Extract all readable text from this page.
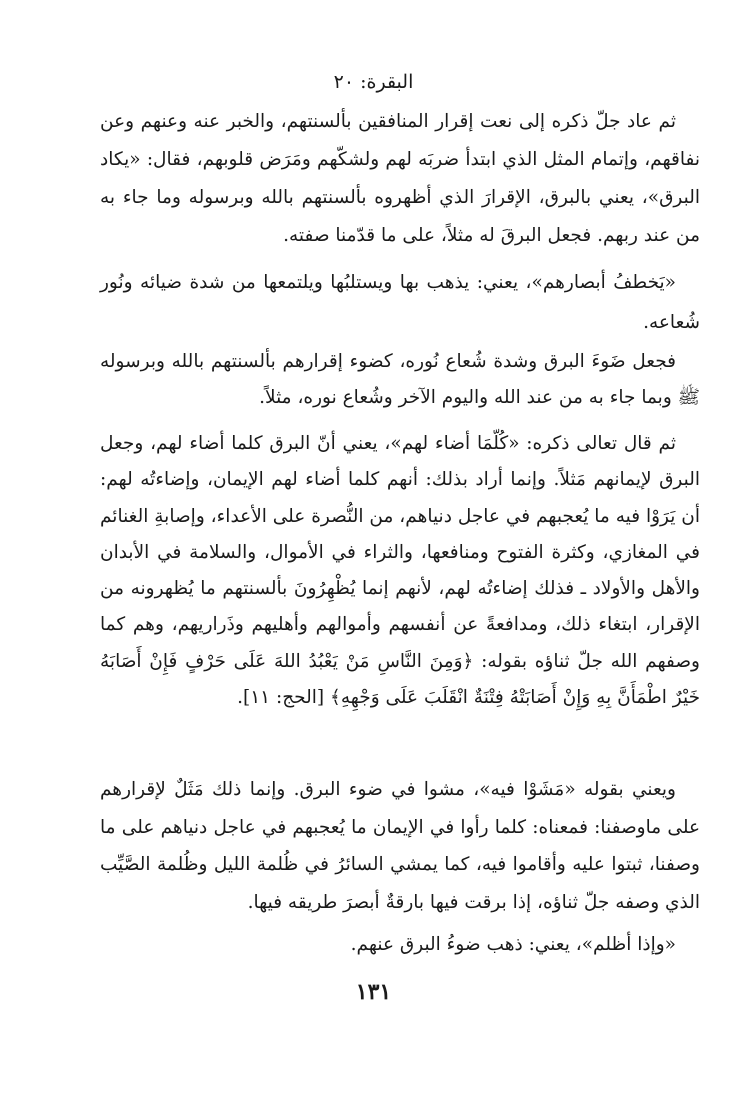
البقرة: ٢٠

ثم عاد جلّ ذكره إلى نعت إقرار المنافقين بألسنتهم، والخبر عنه وعنهم وعن نفاقهم، وإتمام المثل الذي ابتدأ ضربَه لهم ولشكّهم ومَرَض قلوبهم، فقال: «يكاد البرق»، يعني بالبرق، الإقرارَ الذي أظهروه بألسنتهم بالله وبرسوله وما جاء به من عند ربهم. فجعل البرقَ له مثلاً، على ما قدّمنا صفته.

«يَخطفُ أبصارهم»، يعني: يذهب بها ويستلبُها ويلتمعها من شدة ضيائه ونُور شُعاعه.

فجعل ضَوءَ البرق وشدة شُعاع نُوره، كضوء إقرارهم بألسنتهم بالله وبرسوله ﷺ وبما جاء به من عند الله واليوم الآخر وشُعاع نوره، مثلاً.

ثم قال تعالى ذكره: «كُلّمَا أضاء لهم»، يعني أنّ البرق كلما أضاء لهم، وجعل البرق لإيمانهم مَثلاً. وإنما أراد بذلك: أنهم كلما أضاء لهم الإيمان، وإضاءتُه لهم: أن يَرَوْا فيه ما يُعجبهم في عاجل دنياهم، من النُّصرة على الأعداء، وإصابةِ الغنائم في المغازي، وكثرة الفتوح ومنافعها، والثراء في الأموال، والسلامة في الأبدان والأهل والأولاد ـ فذلك إضاءتُه لهم، لأنهم إنما يُظْهِرُونَ بألسنتهم ما يُظهرونه من الإقرار، ابتغاء ذلك، ومدافعةً عن أنفسهم وأموالهم وأهليهم وذَراريهم، وهم كما وصفهم الله جلّ ثناؤه بقوله: ﴿وَمِنَ النَّاسِ مَنْ يَعْبُدُ اللهَ عَلَى حَرْفٍ فَإِنْ أَصَابَهُ خَيْرٌ اطْمَأَنَّ بِهِ وَإِنْ أَصَابَتْهُ فِتْنَةٌ انْقَلَبَ عَلَى وَجْهِهِ﴾ [الحج: ١١].

ويعني بقوله «مَشَوْا فيه»، مشوا في ضوء البرق. وإنما ذلك مَثَلٌ لإقرارهم على ماوصفنا: فمعناه: كلما رأوا في الإيمان ما يُعجبهم في عاجل دنياهم على ما وصفنا، ثبتوا عليه وأقاموا فيه، كما يمشي السائرُ في ظُلمة الليل وظُلمة الصَّيِّب الذي وصفه جلّ ثناؤه، إذا برقت فيها بارقةٌ أبصرَ طريقه فيها.

«وإذا أظلم»، يعني: ذهب ضوءُ البرق عنهم.

١٣١
